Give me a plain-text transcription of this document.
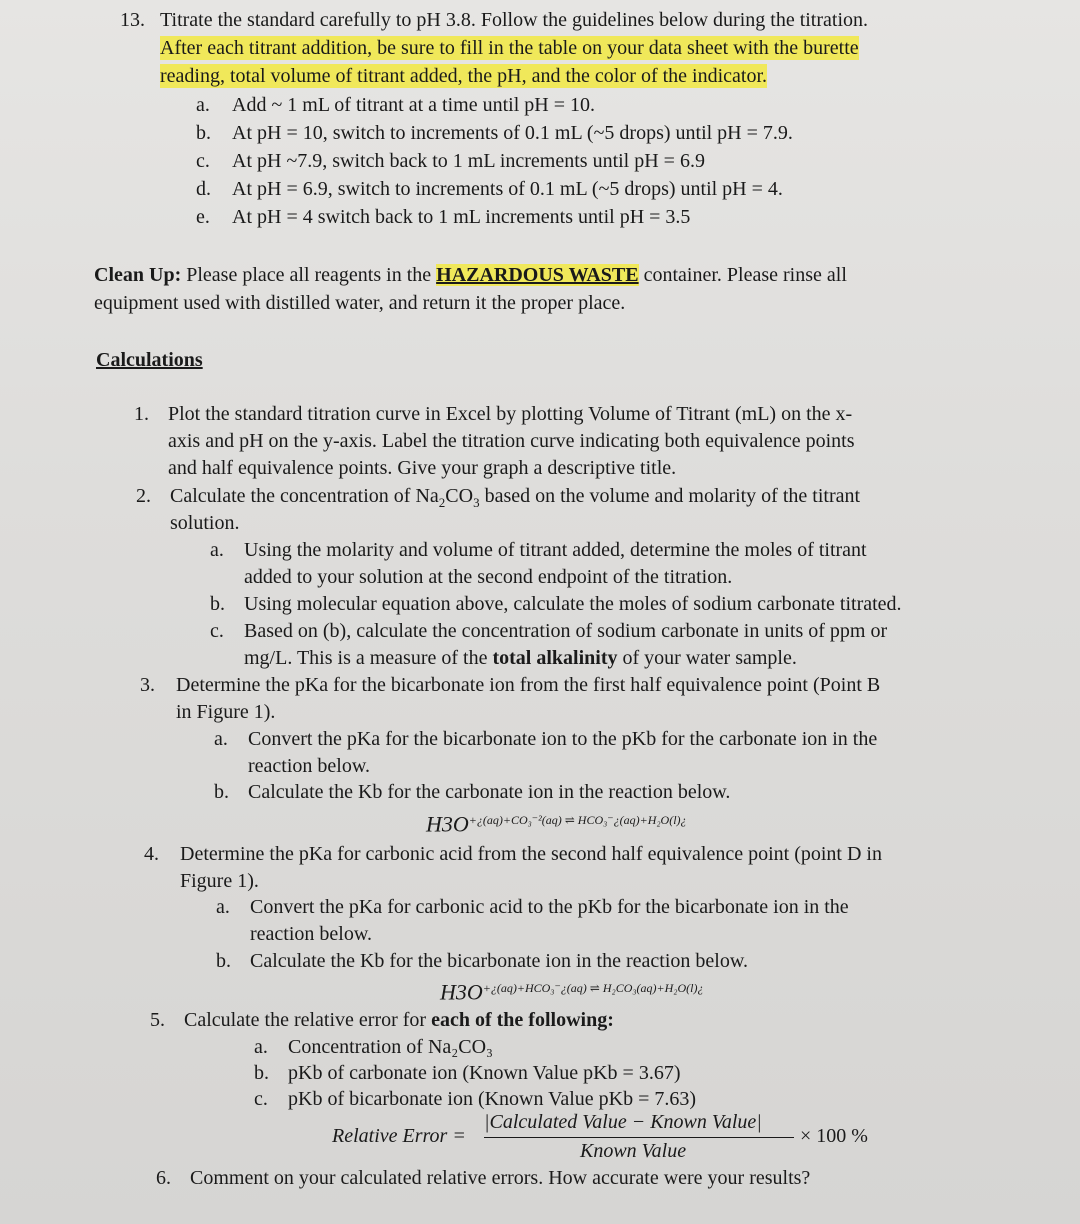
13. Titrate the standard carefully to pH 3.8. Follow the guidelines below during the titration.
After each titrant addition, be sure to fill in the table on your data sheet with the burette
reading, total volume of titrant added, the pH, and the color of the indicator.
a. Add ~ 1 mL of titrant at a time until pH = 10.
b. At pH = 10, switch to increments of 0.1 mL (~5 drops) until pH = 7.9.
c. At pH ~7.9, switch back to 1 mL increments until pH = 6.9
d. At pH = 6.9, switch to increments of 0.1 mL (~5 drops) until pH = 4.
e. At pH = 4 switch back to 1 mL increments until pH = 3.5
Clean Up: Please place all reagents in the HAZARDOUS WASTE container. Please rinse all
equipment used with distilled water, and return it the proper place.
Calculations
1. Plot the standard titration curve in Excel by plotting Volume of Titrant (mL) on the x-
axis and pH on the y-axis. Label the titration curve indicating both equivalence points
and half equivalence points. Give your graph a descriptive title.
2. Calculate the concentration of $Na_2CO_3$ based on the volume and molarity of the titrant
solution.
a. Using the molarity and volume of titrant added, determine the moles of titrant
added to your solution at the second endpoint of the titration.
b. Using molecular equation above, calculate the moles of sodium carbonate titrated.
c. Based on (b), calculate the concentration of sodium carbonate in units of ppm or
mg/L. This is a measure of the total alkalinity of your water sample.
3. Determine the pKa for the bicarbonate ion from the first half equivalence point (Point B
in Figure 1).
a. Convert the pKa for the bicarbonate ion to the pKb for the carbonate ion in the
reaction below.
b. Calculate the Kb for the carbonate ion in the reaction below.
$H3O^{+¿(aq)+CO_3^{-2}(aq) \rightleftharpoons HCO_3^-¿(aq)+H_2O(l)¿}$
4. Determine the pKa for carbonic acid from the second half equivalence point (point D in
Figure 1).
a. Convert the pKa for carbonic acid to the pKb for the bicarbonate ion in the
reaction below.
b. Calculate the Kb for the bicarbonate ion in the reaction below.
$H3O^{+¿(aq)+HCO_3^-¿(aq) \rightleftharpoons H_2CO_3(aq)+H_2O(l)¿}$
5. Calculate the relative error for each of the following:
a. Concentration of Na₂CO₃
b. pKb of carbonate ion (Known Value pKb = 3.67)
c. pKb of bicarbonate ion (Known Value pKb = 7.63)
Relative Error =
|Calculated Value − Known Value|
Known Value
× 100 %
6. Comment on your calculated relative errors. How accurate were your results?
